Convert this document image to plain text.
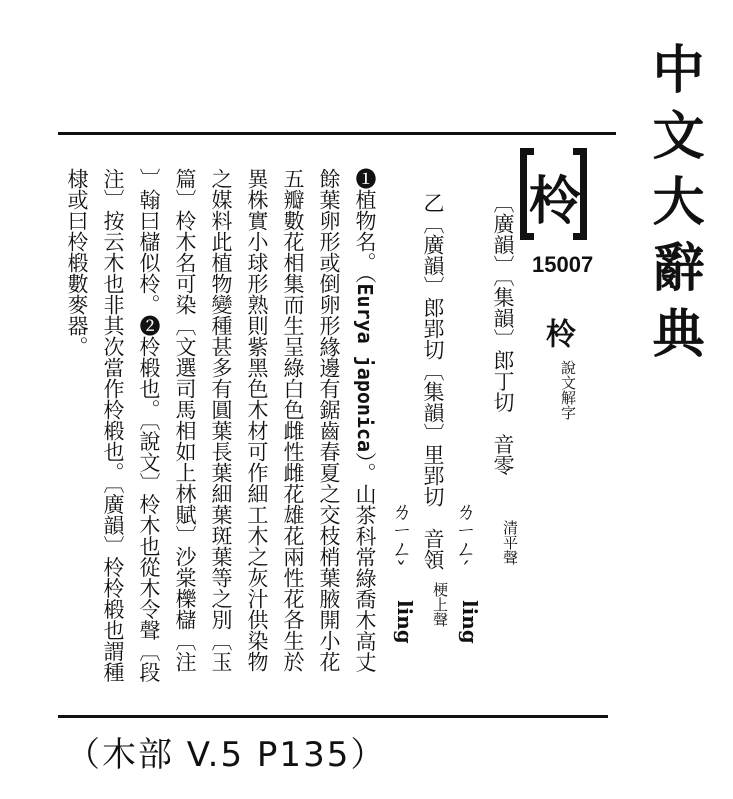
中文大辭典
柃
15007
柃
說文解字
〔廣韻〕〔集韻〕郎丁切　音零
清平聲
ㄌㄧㄥˊ
ling
乙〔廣韻〕郎郢切〔集韻〕里郢切　音領
梗上聲
ㄌㄧㄥˇ
ling
❶植物名。（Eurya japonica）。山茶科常綠喬木高丈
餘葉卵形或倒卵形緣邊有鋸齒春夏之交枝梢葉腋開小花
五瓣數花相集而生呈綠白色雌性雌花雄花兩性花各生於
異株實小球形熟則紫黑色木材可作細工木之灰汁供染物
之媒料此植物變種甚多有圓葉長葉細葉斑葉等之別〔玉
篇〕柃木名可染〔文選司馬相如上林賦〕沙棠櫟櫧〔注
〕翰曰櫧似柃。❷柃椴也。〔說文〕柃木也從木令聲〔段
注〕按云木也非其次當作柃椴也。〔廣韻〕柃柃椴也謂種
棣或曰柃椴數麥器。
（木部 V.5 P135）
